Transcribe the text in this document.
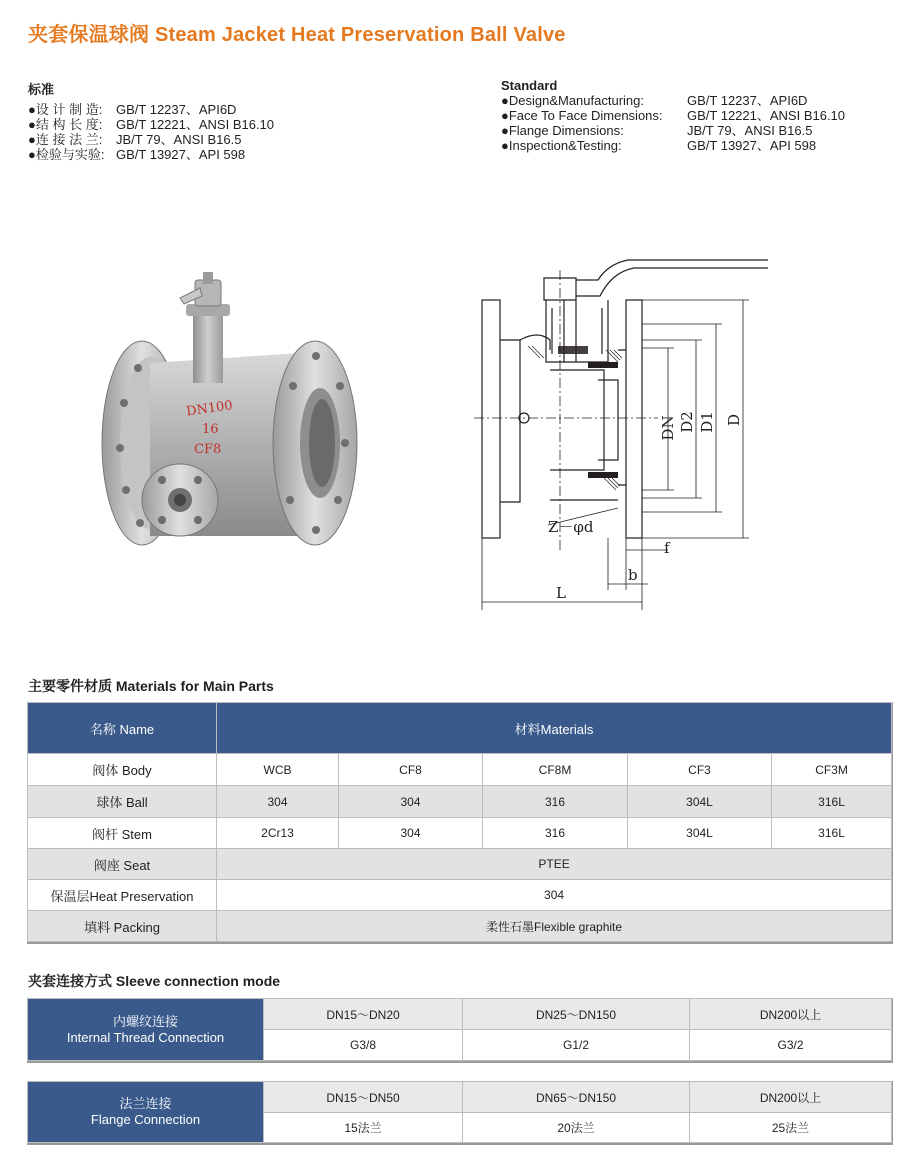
夹套保温球阀 Steam Jacket Heat Preservation Ball Valve
标准
●设 计 制 造:	GB/T 12237、API6D
●结 构 长 度:	GB/T 12221、ANSI B16.10
●连 接 法 兰:	JB/T 79、ANSI B16.5
●检验与实验: GB/T 13927、API 598
Standard
●Design&Manufacturing:	GB/T 12237、API6D
●Face To Face Dimensions:	GB/T 12221、ANSI B16.10
●Flange Dimensions:	JB/T 79、ANSI B16.5
●Inspection&Testing:	GB/T 13927、API 598
DN100
16
CF8
DN D2 D1 D
Z－φd
f
b
L
主要零件材质 Materials for Main Parts
名称 Name	材料Materials				
阀体 Body	WCB	CF8	CF8M	CF3	CF3M
球体 Ball	304	304	316	304L	316L
阀杆 Stem	2Cr13	304	316	304L	316L
阀座 Seat	PTEE				
保温层Heat Preservation	304				
填料 Packing	柔性石墨Flexible graphite				
夹套连接方式 Sleeve connection mode
内螺纹连接
Internal Thread Connection	DN15～DN20	DN25～DN150	DN200以上
	G3/8	G1/2	G3/2
法兰连接
Flange Connection	DN15～DN50	DN65～DN150	DN200以上
	15法兰	20法兰	25法兰
